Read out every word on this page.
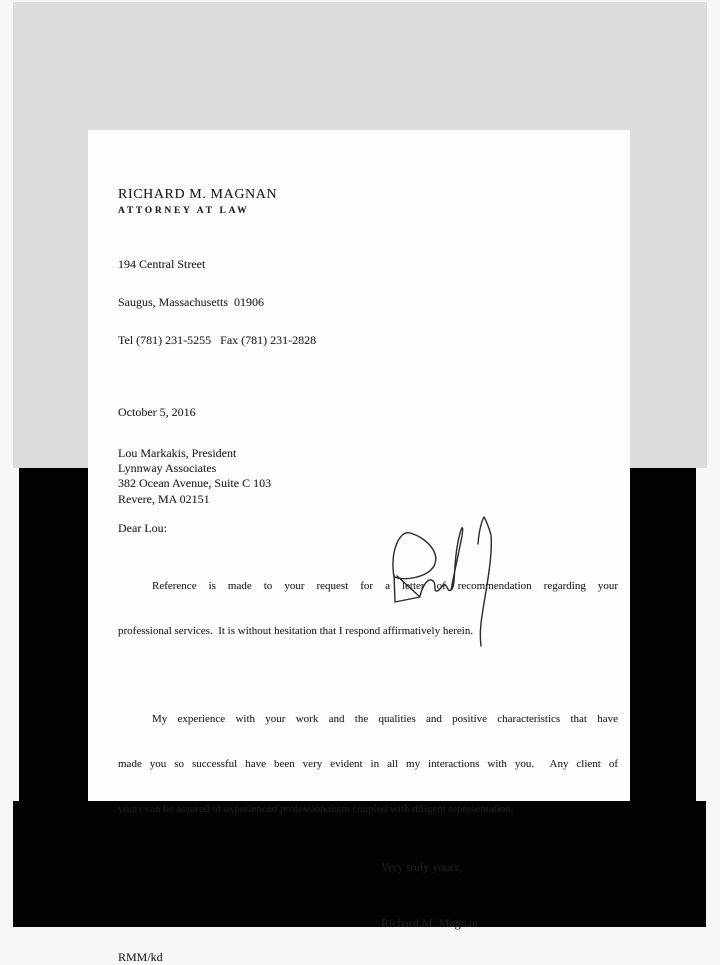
RICHARD M. MAGNAN
ATTORNEY AT LAW

194 Central Street

Saugus, Massachusetts  01906

Tel (781) 231-5255   Fax (781) 231-2828

October 5, 2016
Lou Markakis, President
Lynnway Associates
382 Ocean Avenue, Suite C 103
Revere, MA 02151
Dear Lou:

Reference is made to your request for a letter of recommendation regarding your

professional services.  It is without hesitation that I respond affirmatively herein.

My experience with your work and the qualities and positive characteristics that have

made you so successful have been very evident in all my interactions with you.  Any client of

yours can be assured of experienced professionalism coupled with diligent representation.

Very truly yours,
Richard M. Magnan
RMM/kd
